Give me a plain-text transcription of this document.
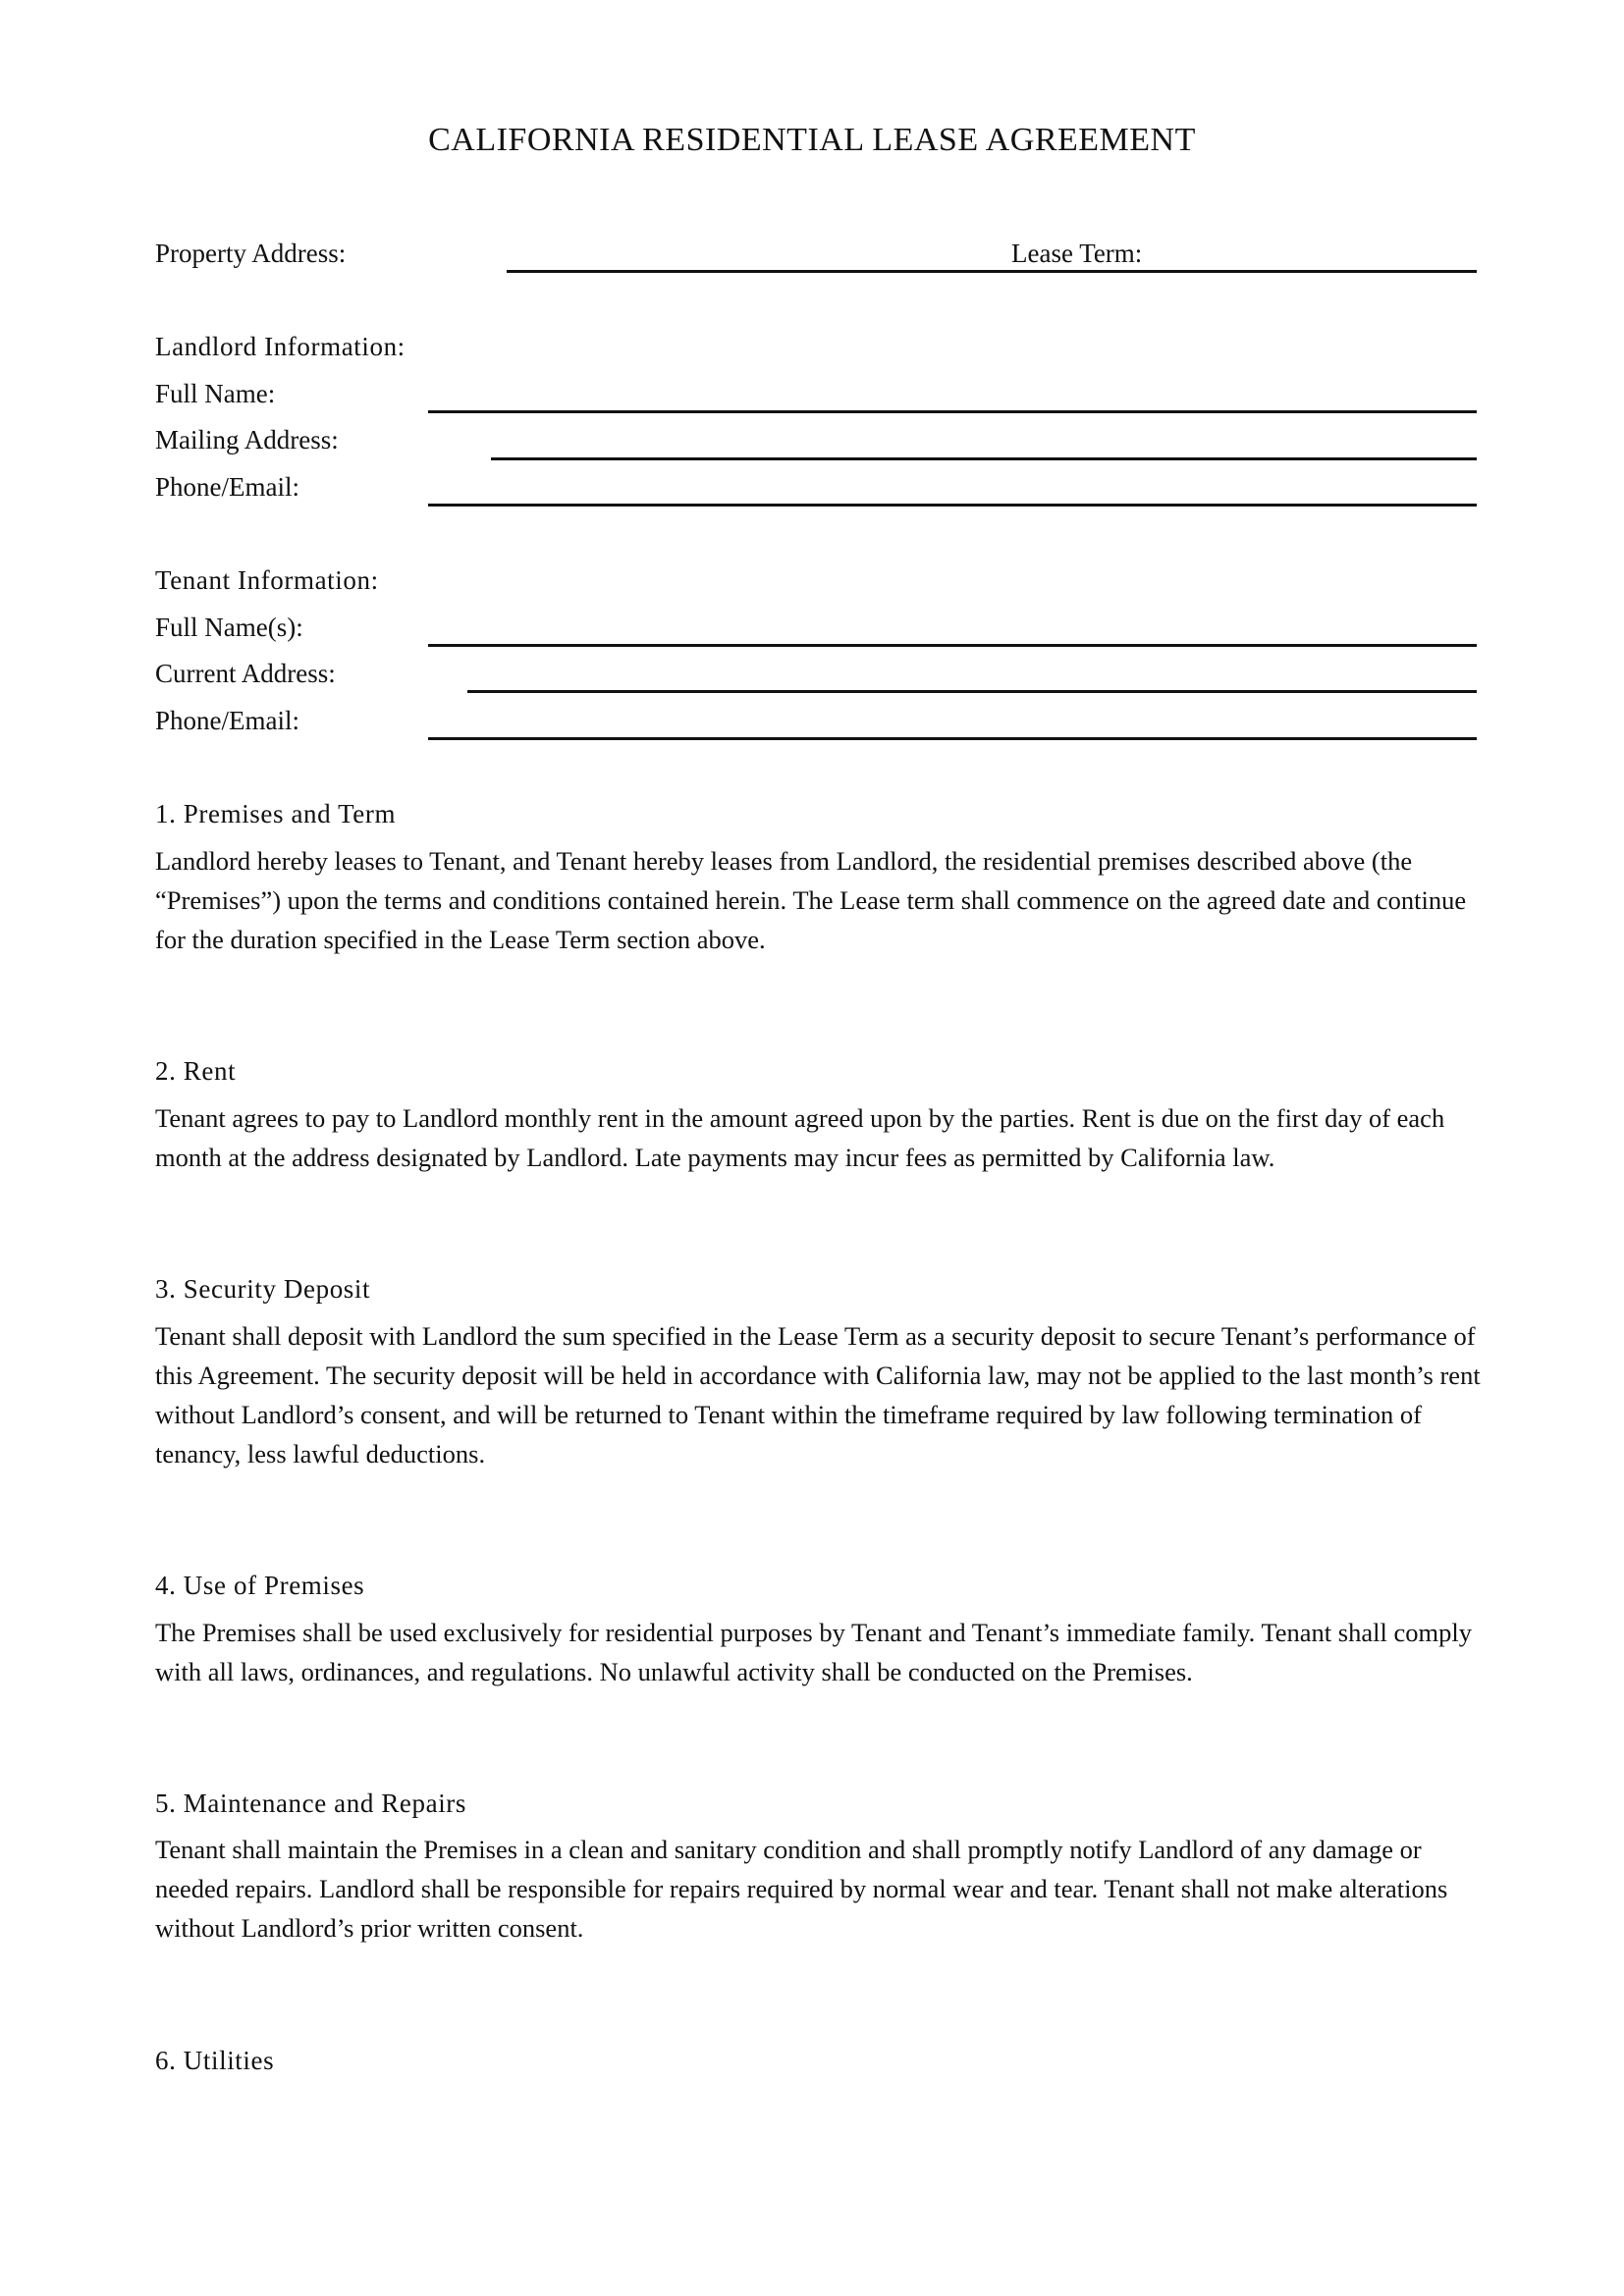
CALIFORNIA RESIDENTIAL LEASE AGREEMENT
Property Address:	Lease Term:
Landlord Information:
Full Name:
Mailing Address:
Phone/Email:
Tenant Information:
Full Name(s):
Current Address:
Phone/Email:
1. Premises and Term
Landlord hereby leases to Tenant, and Tenant hereby leases from Landlord, the residential premises described above (the “Premises”) upon the terms and conditions contained herein. The Lease term shall commence on the agreed date and continue for the duration specified in the Lease Term section above.
2. Rent
Tenant agrees to pay to Landlord monthly rent in the amount agreed upon by the parties. Rent is due on the first day of each month at the address designated by Landlord. Late payments may incur fees as permitted by California law.
3. Security Deposit
Tenant shall deposit with Landlord the sum specified in the Lease Term as a security deposit to secure Tenant’s performance of this Agreement. The security deposit will be held in accordance with California law, may not be applied to the last month’s rent without Landlord’s consent, and will be returned to Tenant within the timeframe required by law following termination of tenancy, less lawful deductions.
4. Use of Premises
The Premises shall be used exclusively for residential purposes by Tenant and Tenant’s immediate family. Tenant shall comply with all laws, ordinances, and regulations. No unlawful activity shall be conducted on the Premises.
5. Maintenance and Repairs
Tenant shall maintain the Premises in a clean and sanitary condition and shall promptly notify Landlord of any damage or needed repairs. Landlord shall be responsible for repairs required by normal wear and tear. Tenant shall not make alterations without Landlord’s prior written consent.
6. Utilities
